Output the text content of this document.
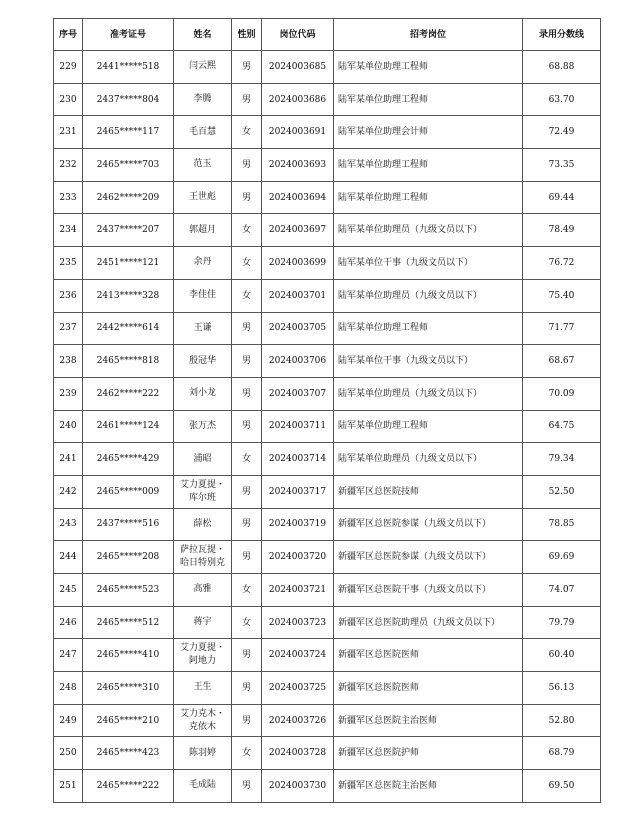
序号	准考证号	姓名	性别	岗位代码	招考岗位	录用分数线
229	2441*****518	闫云熙	男	2024003685	陆军某单位助理工程师	68.88
230	2437*****804	李腾	男	2024003686	陆军某单位助理工程师	63.70
231	2465*****117	毛百慧	女	2024003691	陆军某单位助理会计师	72.49
232	2465*****703	范玉	男	2024003693	陆军某单位助理工程师	73.35
233	2462*****209	王世彪	男	2024003694	陆军某单位助理工程师	69.44
234	2437*****207	郭超月	女	2024003697	陆军某单位助理员（九级文员以下）	78.49
235	2451*****121	余丹	女	2024003699	陆军某单位干事（九级文员以下）	76.72
236	2413*****328	李佳佳	女	2024003701	陆军某单位助理员（九级文员以下）	75.40
237	2442*****614	王谦	男	2024003705	陆军某单位助理工程师	71.77
238	2465*****818	殷冠华	男	2024003706	陆军某单位干事（九级文员以下）	68.67
239	2462*****222	刘小龙	男	2024003707	陆军某单位助理员（九级文员以下）	70.09
240	2461*****124	张万杰	男	2024003711	陆军某单位助理工程师	64.75
241	2465*****429	浦昭	女	2024003714	陆军某单位助理员（九级文员以下）	79.34
242	2465*****009	艾力夏提・
库尔班	男	2024003717	新疆军区总医院技师	52.50
243	2437*****516	薛松	男	2024003719	新疆军区总医院参谋（九级文员以下）	78.85
244	2465*****208	萨拉瓦提・
哈日特别克	男	2024003720	新疆军区总医院参谋（九级文员以下）	69.69
245	2465*****523	高雅	女	2024003721	新疆军区总医院干事（九级文员以下）	74.07
246	2465*****512	蒋宇	女	2024003723	新疆军区总医院助理员（九级文员以下）	79.79
247	2465*****410	艾力夏提・
阿地力	男	2024003724	新疆军区总医院医师	60.40
248	2465*****310	王生	男	2024003725	新疆军区总医院医师	56.13
249	2465*****210	艾力克木・
克依木	男	2024003726	新疆军区总医院主治医师	52.80
250	2465*****423	陈羽婷	女	2024003728	新疆军区总医院护师	68.79
251	2465*****222	毛成陆	男	2024003730	新疆军区总医院主治医师	69.50
